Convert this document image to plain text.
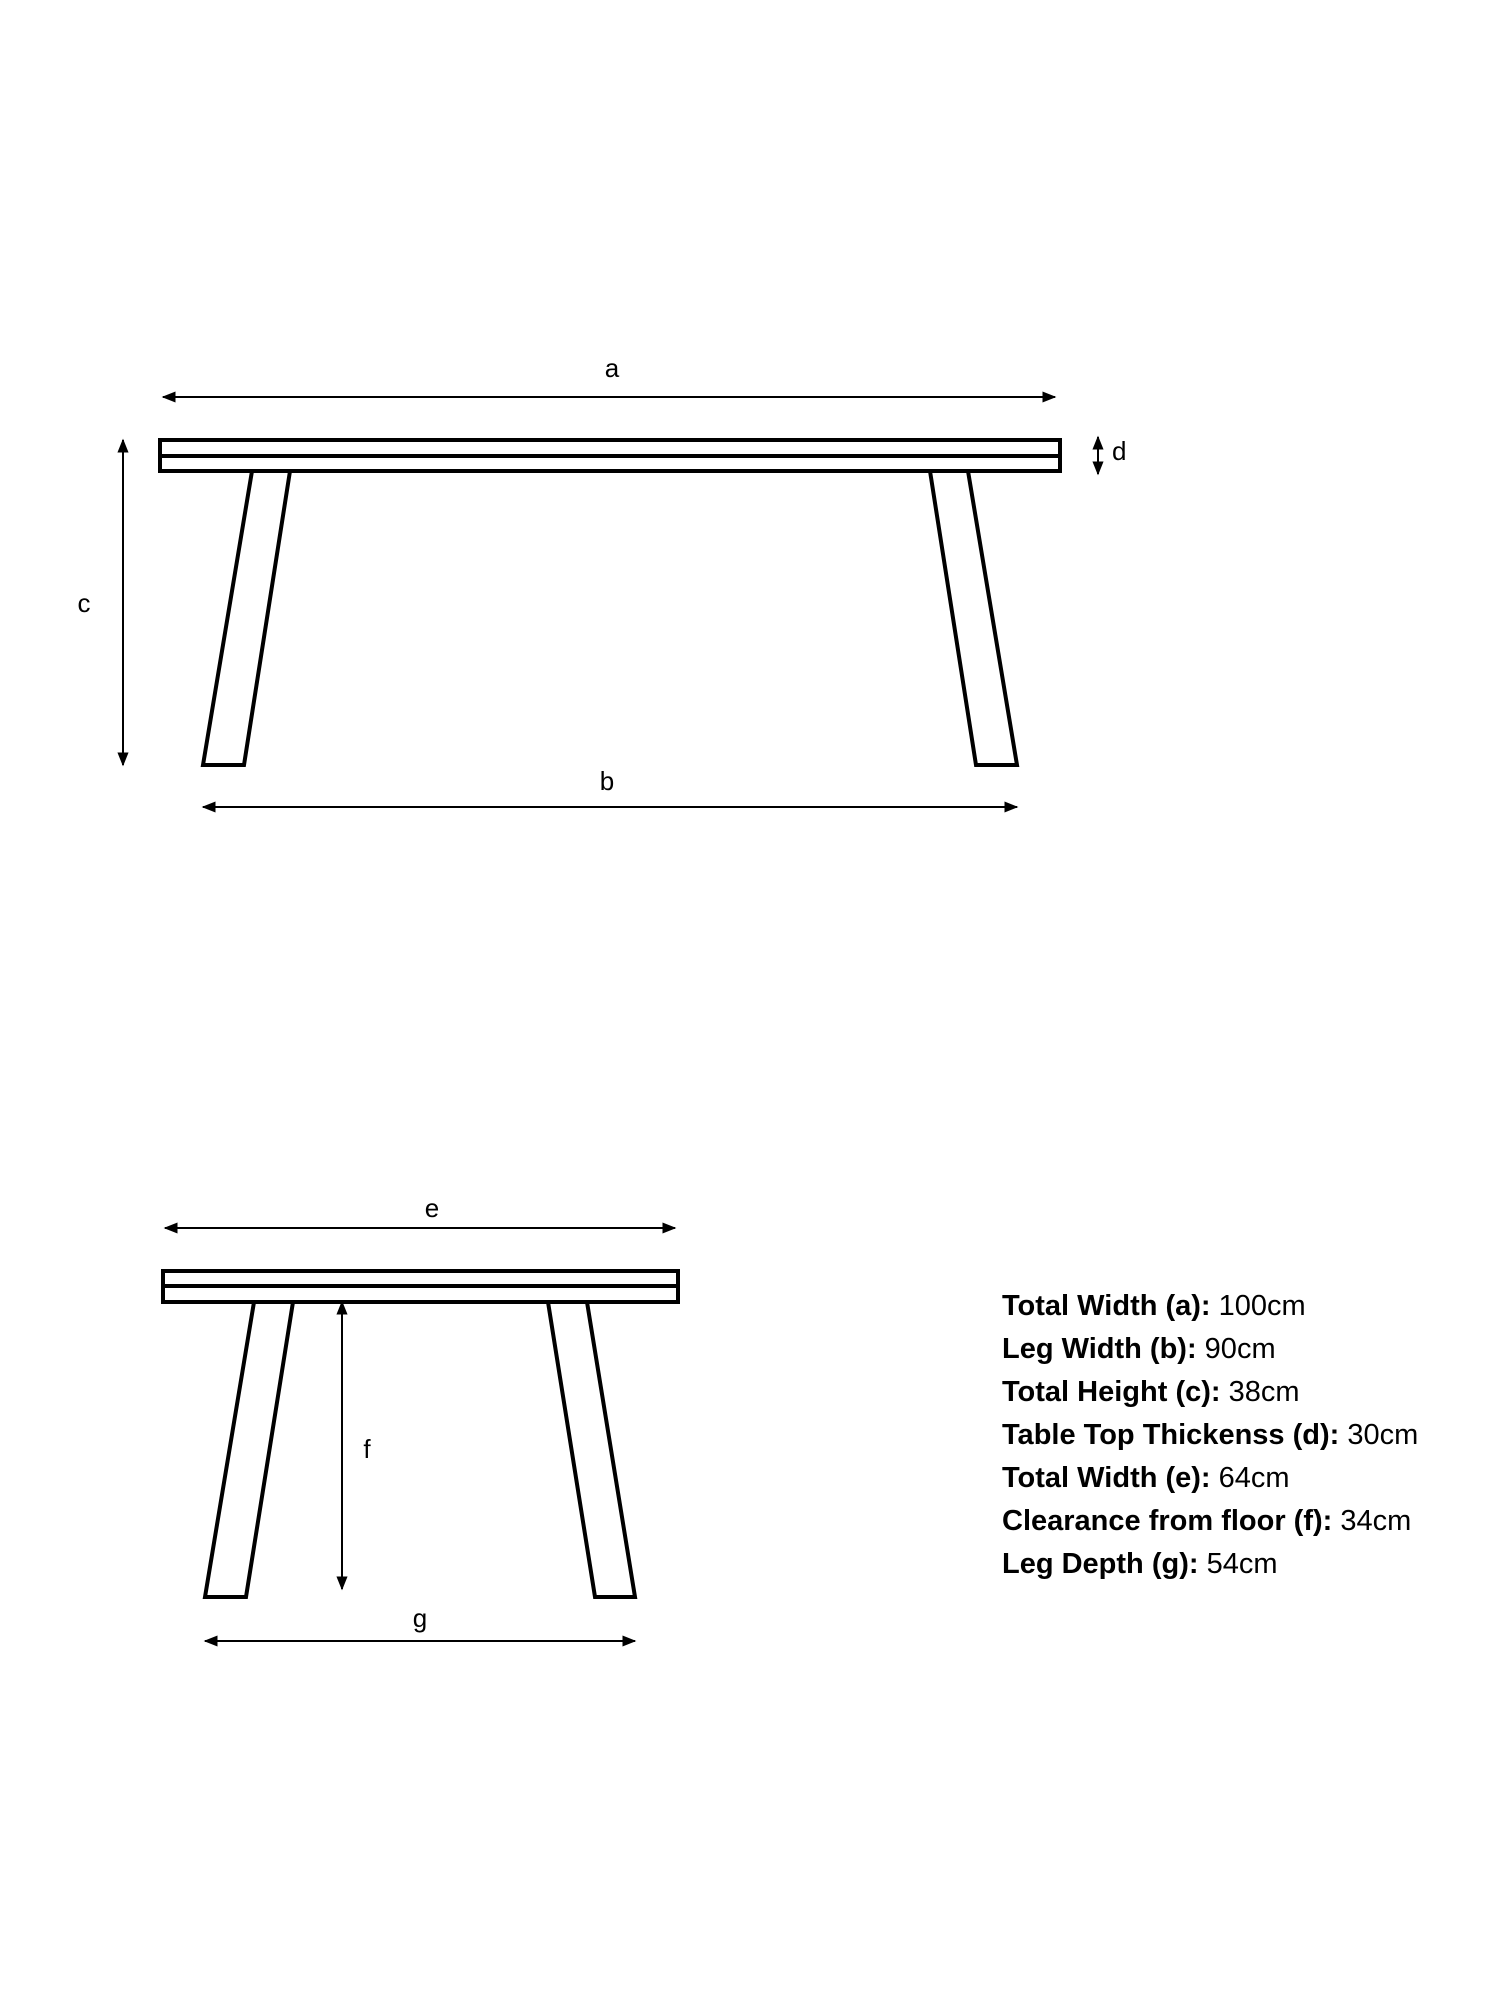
a
c
d
b
e
f
g
Total Width (a): 100cm
Leg Width (b): 90cm
Total Height (c): 38cm
Table Top Thickenss (d): 30cm
Total Width (e): 64cm
Clearance from floor (f): 34cm
Leg Depth (g): 54cm
